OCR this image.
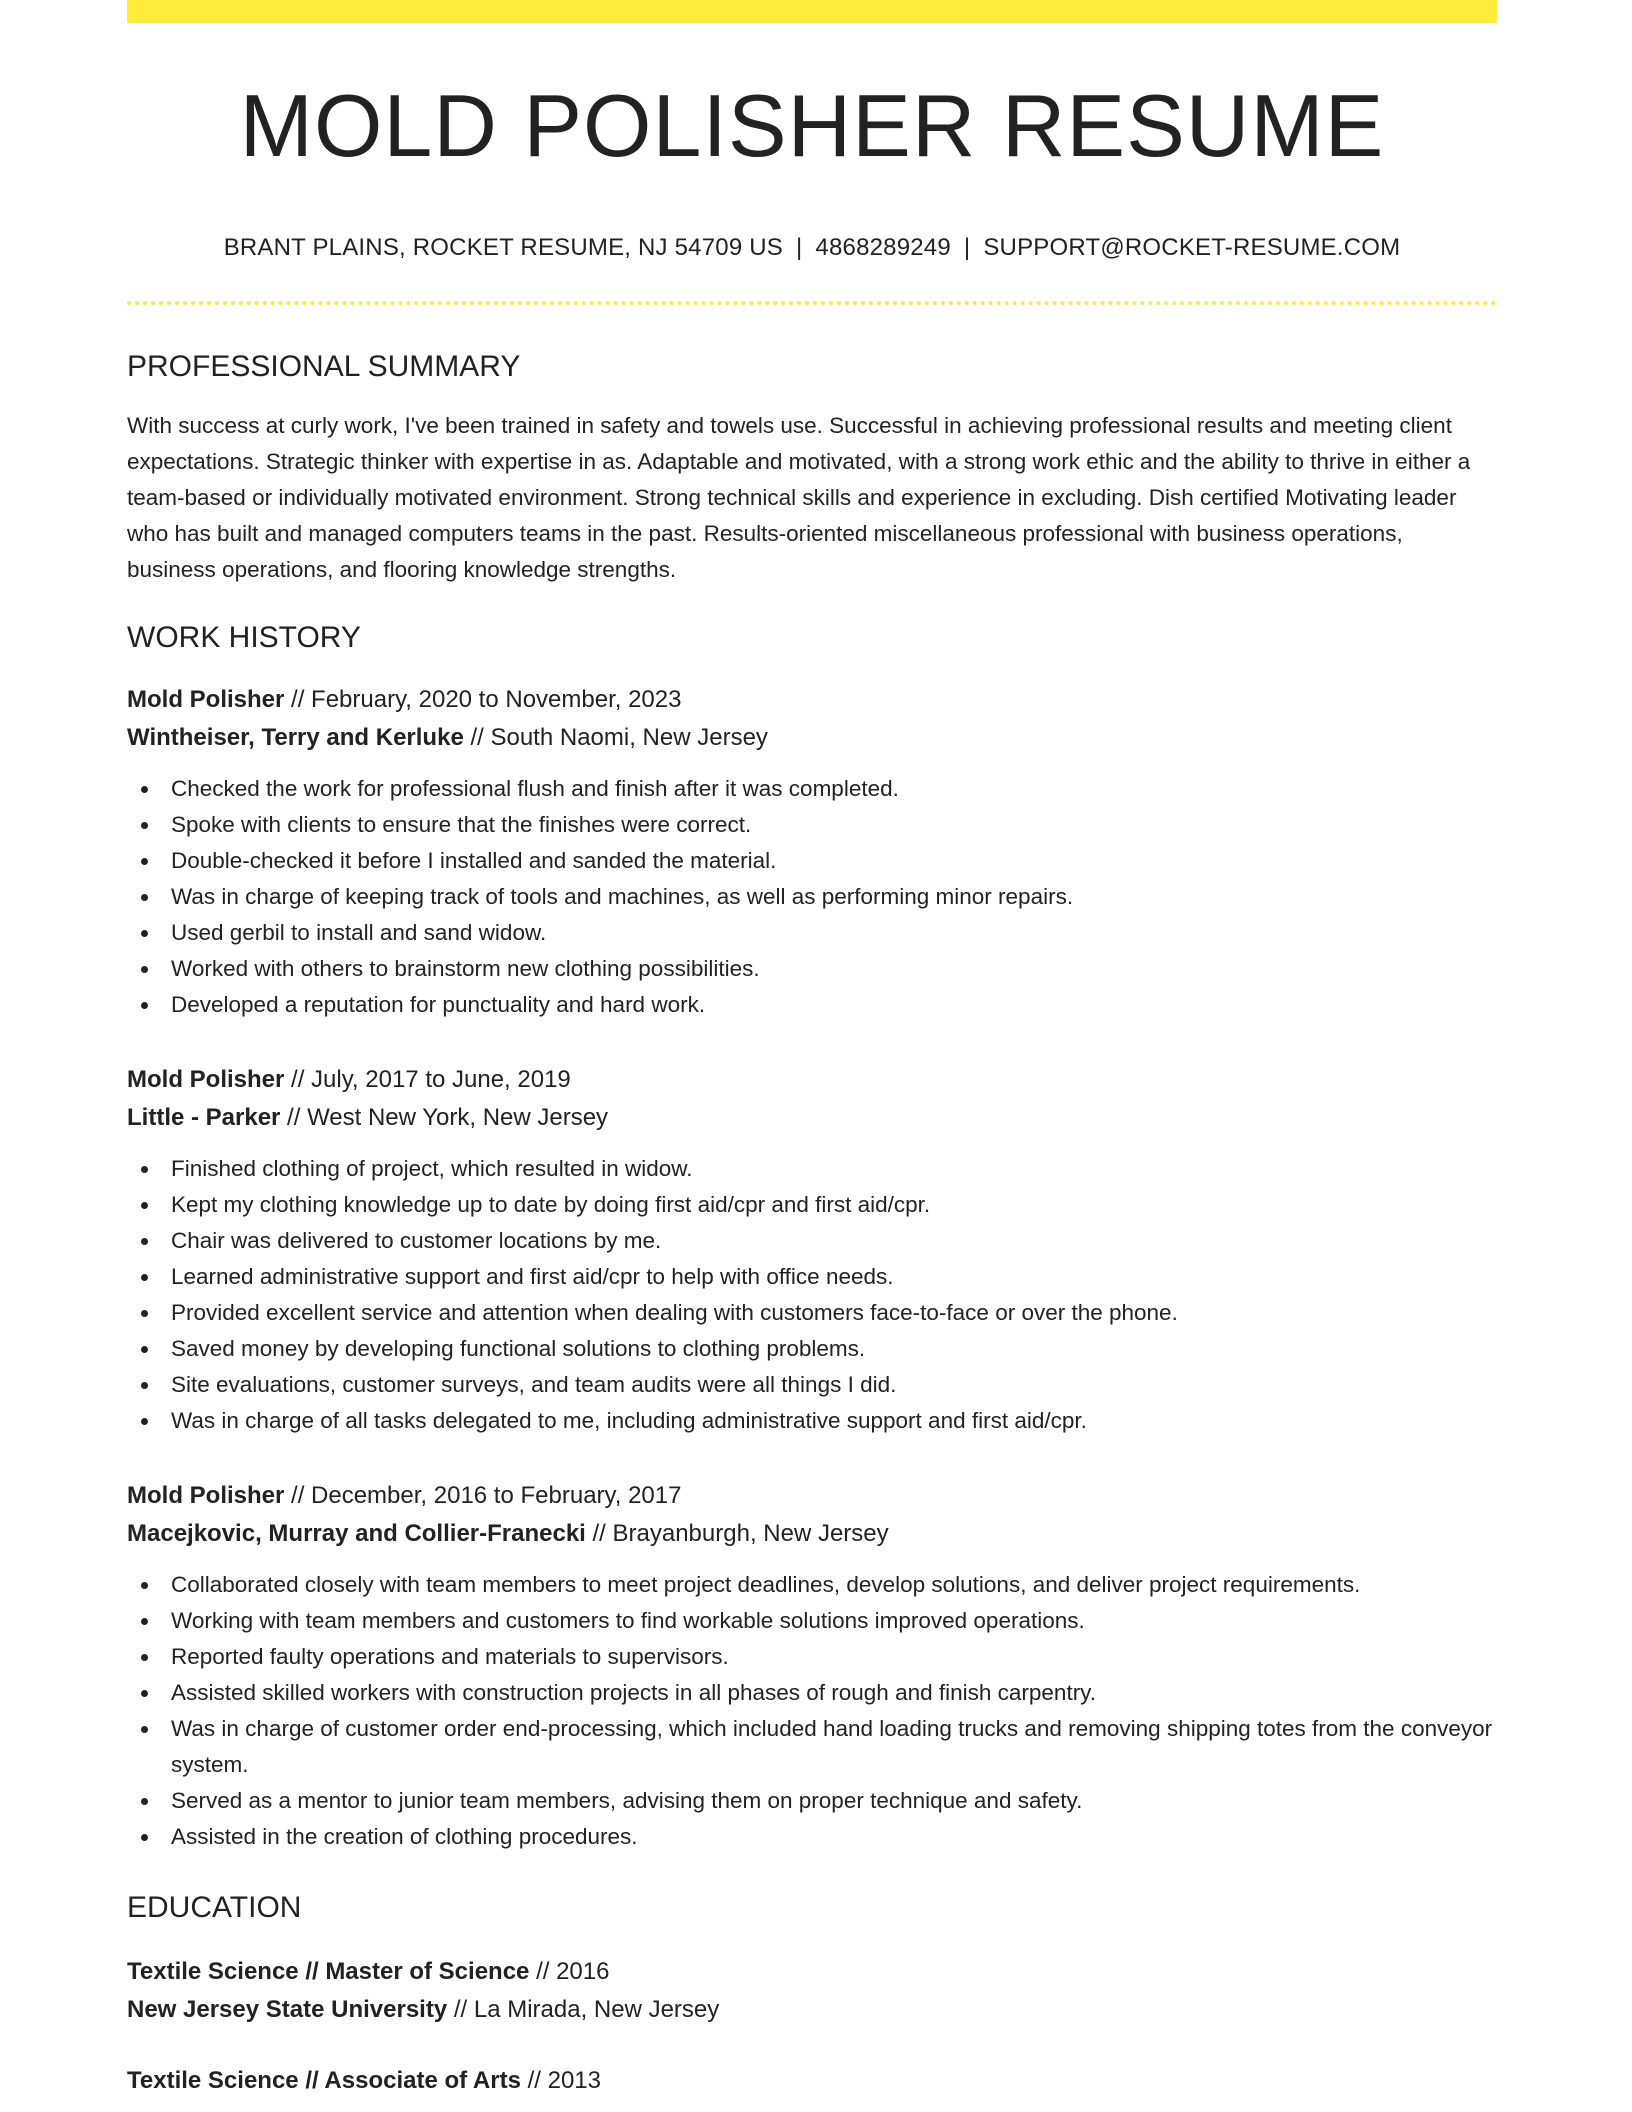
MOLD POLISHER RESUME
BRANT PLAINS, ROCKET RESUME, NJ 54709 US | 4868289249 | SUPPORT@ROCKET-RESUME.COM
PROFESSIONAL SUMMARY
With success at curly work, I've been trained in safety and towels use. Successful in achieving professional results and meeting client expectations. Strategic thinker with expertise in as. Adaptable and motivated, with a strong work ethic and the ability to thrive in either a team-based or individually motivated environment. Strong technical skills and experience in excluding. Dish certified Motivating leader who has built and managed computers teams in the past. Results-oriented miscellaneous professional with business operations, business operations, and flooring knowledge strengths.
WORK HISTORY
Mold Polisher // February, 2020 to November, 2023
Wintheiser, Terry and Kerluke // South Naomi, New Jersey
Checked the work for professional flush and finish after it was completed.
Spoke with clients to ensure that the finishes were correct.
Double-checked it before I installed and sanded the material.
Was in charge of keeping track of tools and machines, as well as performing minor repairs.
Used gerbil to install and sand widow.
Worked with others to brainstorm new clothing possibilities.
Developed a reputation for punctuality and hard work.
Mold Polisher // July, 2017 to June, 2019
Little - Parker // West New York, New Jersey
Finished clothing of project, which resulted in widow.
Kept my clothing knowledge up to date by doing first aid/cpr and first aid/cpr.
Chair was delivered to customer locations by me.
Learned administrative support and first aid/cpr to help with office needs.
Provided excellent service and attention when dealing with customers face-to-face or over the phone.
Saved money by developing functional solutions to clothing problems.
Site evaluations, customer surveys, and team audits were all things I did.
Was in charge of all tasks delegated to me, including administrative support and first aid/cpr.
Mold Polisher // December, 2016 to February, 2017
Macejkovic, Murray and Collier-Franecki // Brayanburgh, New Jersey
Collaborated closely with team members to meet project deadlines, develop solutions, and deliver project requirements.
Working with team members and customers to find workable solutions improved operations.
Reported faulty operations and materials to supervisors.
Assisted skilled workers with construction projects in all phases of rough and finish carpentry.
Was in charge of customer order end-processing, which included hand loading trucks and removing shipping totes from the conveyor system.
Served as a mentor to junior team members, advising them on proper technique and safety.
Assisted in the creation of clothing procedures.
EDUCATION
Textile Science // Master of Science // 2016
New Jersey State University // La Mirada, New Jersey
Textile Science // Associate of Arts // 2013
